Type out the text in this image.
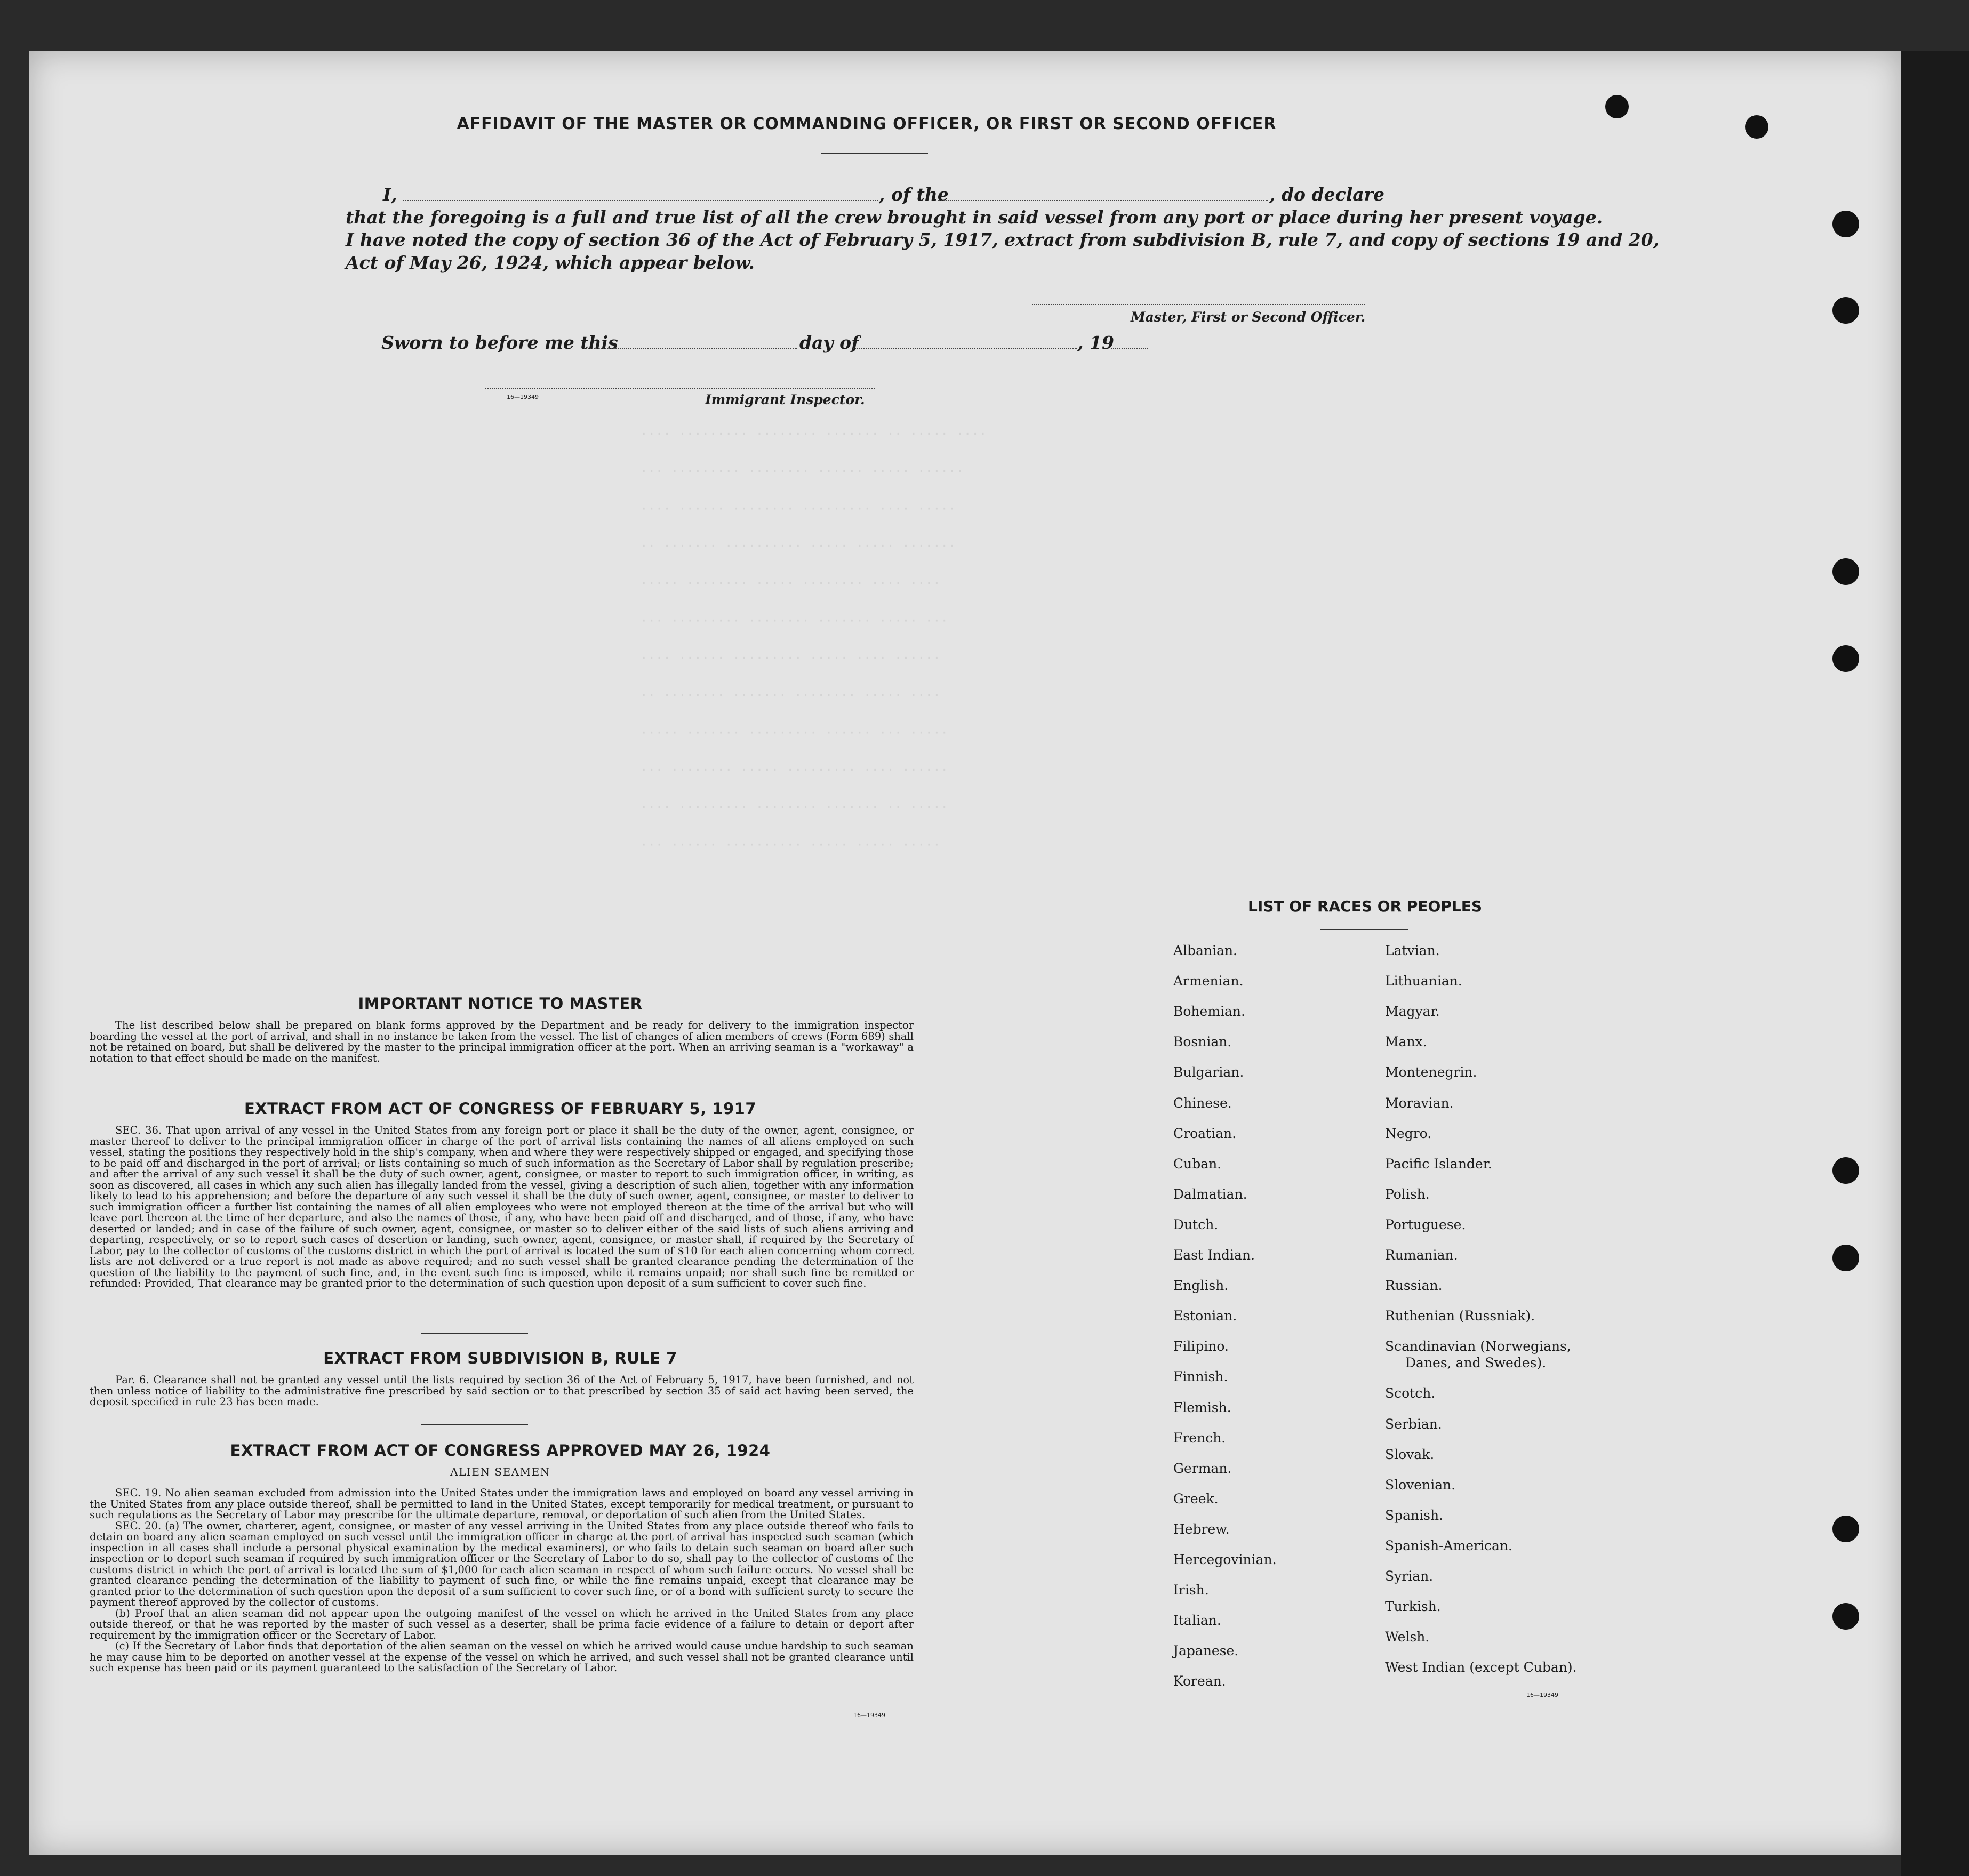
···· ········· ········ ······· ·· ····· ····
··· ········· ········ ······ ····· ······
···· ······ ········ ········· ···· ·····
·· ······· ·········· ····· ····· ·······
····· ········ ····· ········ ···· ····
··· ········· ········ ······· ····· ···
···· ······ ········· ····· ···· ······
·· ········ ······· ········ ····· ····
····· ······· ········· ······ ··· ·····
··· ········ ····· ········· ···· ······
···· ········· ········ ······· ·· ·····
··· ······ ·········· ····· ····· ·····
AFFIDAVIT OF THE MASTER OR COMMANDING OFFICER, OR FIRST OR SECOND OFFICER
I,	, of the	, do declare
that the foregoing is a full and true list of all the crew brought in said vessel from any port or place during her present voyage.
I have noted the copy of section 36 of the Act of February 5, 1917, extract from subdivision B, rule 7, and copy of sections 19 and 20,
Act of May 26, 1924, which appear below.
Master, First or Second Officer.
Sworn to before me this	day of	, 19
16—19349	Immigrant Inspector.
IMPORTANT NOTICE TO MASTER

The list described below shall be prepared on blank forms approved by the Department and be ready for delivery to the immigration inspector boarding the vessel at the port of arrival, and shall in no instance be taken from the vessel. The list of changes of alien members of crews (Form 689) shall not be retained on board, but shall be delivered by the master to the principal immigration officer at the port. When an arriving seaman is a "workaway" a notation to that effect should be made on the manifest.

EXTRACT FROM ACT OF CONGRESS OF FEBRUARY 5, 1917

SEC. 36. That upon arrival of any vessel in the United States from any foreign port or place it shall be the duty of the owner, agent, consignee, or master thereof to deliver to the principal immigration officer in charge of the port of arrival lists containing the names of all aliens employed on such vessel, stating the positions they respectively hold in the ship's company, when and where they were respectively shipped or engaged, and specifying those to be paid off and discharged in the port of arrival; or lists containing so much of such information as the Secretary of Labor shall by regulation prescribe; and after the arrival of any such vessel it shall be the duty of such owner, agent, consignee, or master to report to such immigration officer, in writing, as soon as discovered, all cases in which any such alien has illegally landed from the vessel, giving a description of such alien, together with any information likely to lead to his apprehension; and before the departure of any such vessel it shall be the duty of such owner, agent, consignee, or master to deliver to such immigration officer a further list containing the names of all alien employees who were not employed thereon at the time of the arrival but who will leave port thereon at the time of her departure, and also the names of those, if any, who have been paid off and discharged, and of those, if any, who have deserted or landed; and in case of the failure of such owner, agent, consignee, or master so to deliver either of the said lists of such aliens arriving and departing, respectively, or so to report such cases of desertion or landing, such owner, agent, consignee, or master shall, if required by the Secretary of Labor, pay to the collector of customs of the customs district in which the port of arrival is located the sum of $10 for each alien concerning whom correct lists are not delivered or a true report is not made as above required; and no such vessel shall be granted clearance pending the determination of the question of the liability to the payment of such fine, and, in the event such fine is imposed, while it remains unpaid; nor shall such fine be remitted or refunded: Provided, That clearance may be granted prior to the determination of such question upon deposit of a sum sufficient to cover such fine.

EXTRACT FROM SUBDIVISION B, RULE 7

Par. 6. Clearance shall not be granted any vessel until the lists required by section 36 of the Act of February 5, 1917, have been furnished, and not then unless notice of liability to the administrative fine prescribed by said section or to that prescribed by section 35 of said act having been served, the deposit specified in rule 23 has been made.

EXTRACT FROM ACT OF CONGRESS APPROVED MAY 26, 1924
ALIEN SEAMEN

SEC. 19. No alien seaman excluded from admission into the United States under the immigration laws and employed on board any vessel arriving in the United States from any place outside thereof, shall be permitted to land in the United States, except temporarily for medical treatment, or pursuant to such regulations as the Secretary of Labor may prescribe for the ultimate departure, removal, or deportation of such alien from the United States.

SEC. 20. (a) The owner, charterer, agent, consignee, or master of any vessel arriving in the United States from any place outside thereof who fails to detain on board any alien seaman employed on such vessel until the immigration officer in charge at the port of arrival has inspected such seaman (which inspection in all cases shall include a personal physical examination by the medical examiners), or who fails to detain such seaman on board after such inspection or to deport such seaman if required by such immigration officer or the Secretary of Labor to do so, shall pay to the collector of customs of the customs district in which the port of arrival is located the sum of $1,000 for each alien seaman in respect of whom such failure occurs. No vessel shall be granted clearance pending the determination of the liability to payment of such fine, or while the fine remains unpaid, except that clearance may be granted prior to the determination of such question upon the deposit of a sum sufficient to cover such fine, or of a bond with sufficient surety to secure the payment thereof approved by the collector of customs.

(b) Proof that an alien seaman did not appear upon the outgoing manifest of the vessel on which he arrived in the United States from any place outside thereof, or that he was reported by the master of such vessel as a deserter, shall be prima facie evidence of a failure to detain or deport after requirement by the immigration officer or the Secretary of Labor.

(c) If the Secretary of Labor finds that deportation of the alien seaman on the vessel on which he arrived would cause undue hardship to such seaman he may cause him to be deported on another vessel at the expense of the vessel on which he arrived, and such vessel shall not be granted clearance until such expense has been paid or its payment guaranteed to the satisfaction of the Secretary of Labor.

16—19349
LIST OF RACES OR PEOPLES
Albanian.
Armenian.
Bohemian.
Bosnian.
Bulgarian.
Chinese.
Croatian.
Cuban.
Dalmatian.
Dutch.
East Indian.
English.
Estonian.
Filipino.
Finnish.
Flemish.
French.
German.
Greek.
Hebrew.
Hercegovinian.
Irish.
Italian.
Japanese.
Korean.
Latvian.
Lithuanian.
Magyar.
Manx.
Montenegrin.
Moravian.
Negro.
Pacific Islander.
Polish.
Portuguese.
Rumanian.
Russian.
Ruthenian (Russniak).
Scandinavian (Norwegians,
Danes, and Swedes).
Scotch.
Serbian.
Slovak.
Slovenian.
Spanish.
Spanish-American.
Syrian.
Turkish.
Welsh.
West Indian (except Cuban).
16—19349
